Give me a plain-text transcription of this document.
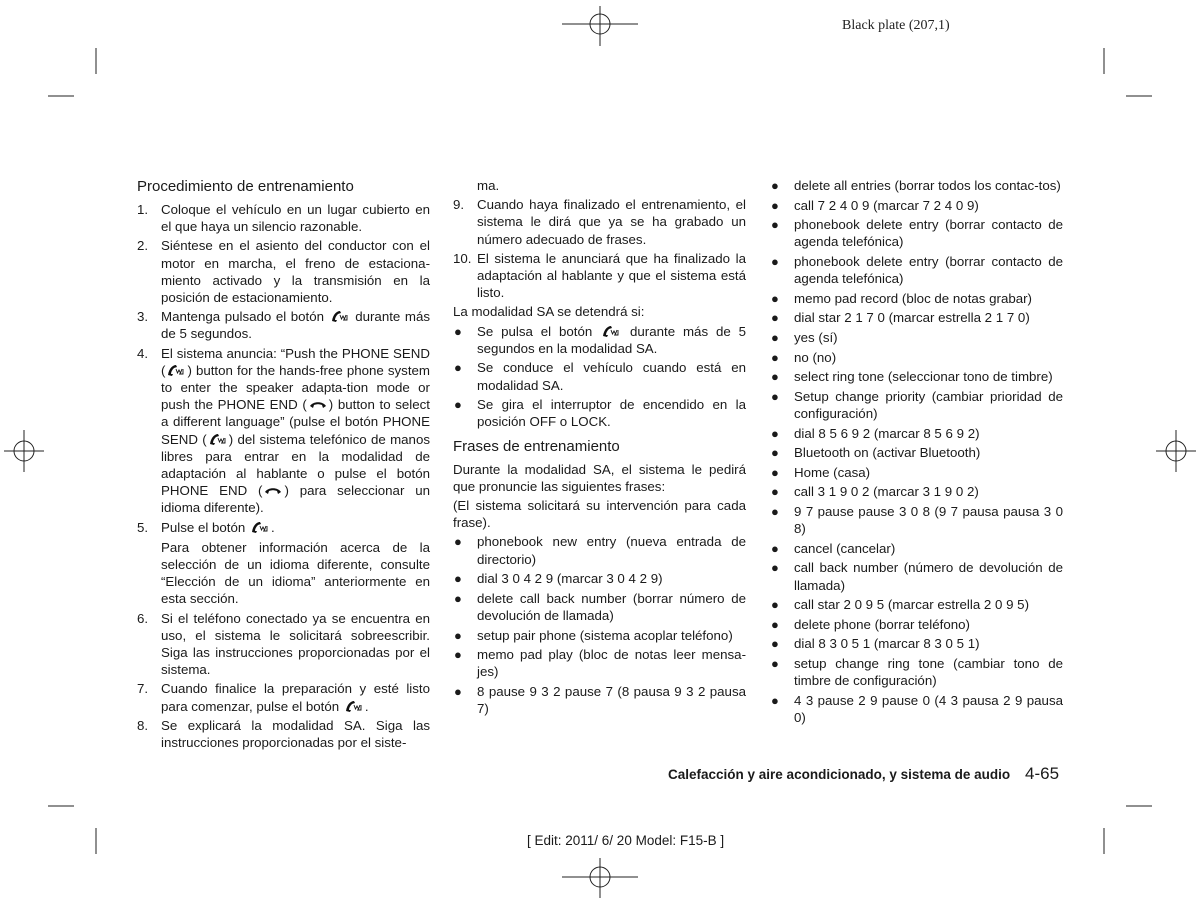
Black plate (207,1)
Procedimiento de entrenamiento
1. Coloque el vehículo en un lugar cubierto en el que haya un silencio razonable.
2. Siéntese en el asiento del conductor con el motor en marcha, el freno de estaciona-miento activado y la transmisión en la posición de estacionamiento.
3. Mantenga pulsado el botón durante más de 5 segundos.
4. El sistema anuncia: “Push the PHONE SEND ( ) button for the hands-free phone system to enter the speaker adapta-tion mode or push the PHONE END ( ) button to select a different language” (pulse el botón PHONE SEND ( ) del sistema telefónico de manos libres para entrar en la modalidad de adaptación al hablante o pulse el botón PHONE END ( ) para seleccionar un idioma diferente).
5. Pulse el botón .
Para obtener información acerca de la selección de un idioma diferente, consulte “Elección de un idioma” anteriormente en esta sección.
6. Si el teléfono conectado ya se encuentra en uso, el sistema le solicitará sobreescribir. Siga las instrucciones proporcionadas por el sistema.
7. Cuando finalice la preparación y esté listo para comenzar, pulse el botón .
8. Se explicará la modalidad SA. Siga las instrucciones proporcionadas por el siste-
ma.
9. Cuando haya finalizado el entrenamiento, el sistema le dirá que ya se ha grabado un número adecuado de frases.
10. El sistema le anunciará que ha finalizado la adaptación al hablante y que el sistema está listo.
La modalidad SA se detendrá si:
● Se pulsa el botón	durante más de 5 segundos en la modalidad SA.
● Se conduce el vehículo cuando está en modalidad SA.
● Se gira el interruptor de encendido en la posición OFF o LOCK.
Frases de entrenamiento
Durante la modalidad SA, el sistema le pedirá que pronuncie las siguientes frases:
(El sistema solicitará su intervención para cada frase).
● phonebook new entry (nueva entrada de directorio)
● dial 3 0 4 2 9 (marcar 3 0 4 2 9)
● delete call back number (borrar número de devolución de llamada)
● setup pair phone (sistema acoplar teléfono)
● memo pad play (bloc de notas leer mensa-jes)
● 8 pause 9 3 2 pause 7 (8 pausa 9 3 2 pausa 7)
● delete all entries (borrar todos los contac-tos)
● call 7 2 4 0 9 (marcar 7 2 4 0 9)
● phonebook delete entry (borrar contacto de agenda telefónica)
● phonebook delete entry (borrar contacto de agenda telefónica)
● memo pad record (bloc de notas grabar)
● dial star 2 1 7 0 (marcar estrella 2 1 7 0)
● yes (sí)
● no (no)
● select ring tone (seleccionar tono de timbre)
● Setup change priority (cambiar prioridad de configuración)
● dial 8 5 6 9 2 (marcar 8 5 6 9 2)
● Bluetooth on (activar Bluetooth)
● Home (casa)
● call 3 1 9 0 2 (marcar 3 1 9 0 2)
● 9 7 pause pause 3 0 8 (9 7 pausa pausa 3 0 8)
● cancel (cancelar)
● call back number (número de devolución de llamada)
● call star 2 0 9 5 (marcar estrella 2 0 9 5)
● delete phone (borrar teléfono)
● dial 8 3 0 5 1 (marcar 8 3 0 5 1)
● setup change ring tone (cambiar tono de timbre de configuración)
● 4 3 pause 2 9 pause 0 (4 3 pausa 2 9 pausa 0)
Calefacción y aire acondicionado, y sistema de audio 4-65
[ Edit: 2011/ 6/ 20 Model: F15-B ]
